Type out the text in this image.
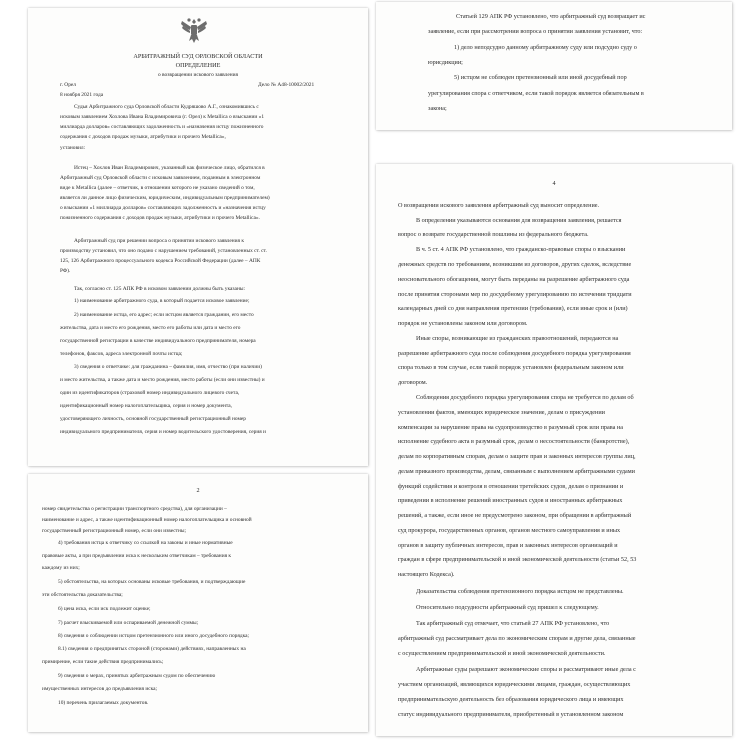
АРБИТРАЖНЫЙ СУД ОРЛОВСКОЙ ОБЛАСТИ
ОПРЕДЕЛЕНИЕ
о возвращении искового заявления
г. Орел	Дело № А48-10002/2021
8 ноября 2021 года
Судья Арбитражного суда Орловской области Кудряшово А.Г., ознакомившись с
исковым заявлением Хохлова Ивана Владимировича (г. Орел) к Metallica о взыскании «1
миллиарда долларов» составляющих задолженность и «назначения истцу пожизненного
содержания с доходов продаж музыки, атрибутики и прочего Metallica»,
установил:
Истец – Хохлов Иван Владимирович, указанный как физическое лицо, обратился в
Арбитражный суд Орловской области с исковым заявлением, поданным в электронном
виде к Metallica (далее – ответчик, в отношении которого не указано сведений о том,
является ли данное лицо физическим, юридическим, индивидуальным предпринимателем)
о взыскании «1 миллиарда долларов» составляющих задолженность и «назначения истцу
пожизненного содержания с доходов продаж музыки, атрибутики и прочего Metallica».
Арбитражный суд при решении вопроса о принятии искового заявления к
производству установил, что оно подано с нарушением требований, установленных ст. ст.
125, 126 Арбитражного процессуального кодекса Российской Федерации (далее – АПК
РФ).
Так, согласно ст. 125 АПК РФ в исковом заявлении должны быть указаны:
1) наименование арбитражного суда, в который подается исковое заявление;
2) наименование истца, его адрес; если истцом является гражданин, его место
жительства, дата и место его рождения, место его работы или дата и место его
государственной регистрации в качестве индивидуального предпринимателя, номера
телефонов, факсов, адреса электронной почты истца;
3) сведения о ответчике: для гражданина – фамилия, имя, отчество (при наличии)
и место жительства, а также дата и место рождения, место работы (если они известны) и
один из идентификаторов (страховой номер индивидуального лицевого счета,
идентификационный номер налогоплательщика, серия и номер документа,
удостоверяющего личность, основной государственный регистрационный номер
индивидуального предпринимателя, серия и номер водительского удостоверения, серия и
2
номер свидетельства о регистрации транспортного средства), для организации –
наименование и адрес, а также идентификационный номер налогоплательщика и основной
государственный регистрационный номер, если они известны;
4) требования истца к ответчику со ссылкой на законы и иные нормативные
правовые акты, а при предъявлении иска к нескольким ответчикам – требования к
каждому из них;
5) обстоятельства, на которых основаны исковые требования, и подтверждающие
эти обстоятельства доказательства;
6) цена иска, если иск подлежит оценке;
7) расчет взыскиваемой или оспариваемой денежной суммы;
8) сведения о соблюдении истцом претензионного или иного досудебного порядка;
8.1) сведения о предпринятых стороной (сторонами) действиях, направленных на
примирение, если такие действия предпринимались;
9) сведения о мерах, принятых арбитражным судом по обеспечению
имущественных интересов до предъявления иска;
10) перечень прилагаемых документов.
Статьей 129 АПК РФ установлено, что арбитражный суд возвращает ис
заявление, если при рассмотрении вопроса о принятии заявления установит, что:
1) дело неподсудно данному арбитражному суду или подсудно суду о
юрисдикции;
5) истцом не соблюден претензионный или иной досудебный пор
урегулирования спора с ответчиком, если такой порядок является обязательным в
закона;
4
О возвращении искового заявления арбитражный суд выносит определение.
В определении указываются основания для возвращения заявления, решается
вопрос о возврате государственной пошлины из федерального бюджета.
В ч. 5 ст. 4 АПК РФ установлено, что гражданско-правовые споры о взыскании
денежных средств по требованиям, возникшим из договоров, других сделок, вследствие
неосновательного обогащения, могут быть переданы на разрешение арбитражного суда
после принятия сторонами мер по досудебному урегулированию по истечении тридцати
календарных дней со дня направления претензии (требования), если иные срок и (или)
порядок не установлены законом или договором.
Иные споры, возникающие из гражданских правоотношений, передаются на
разрешение арбитражного суда после соблюдения досудебного порядка урегулирования
спора только в том случае, если такой порядок установлен федеральным законом или
договором.
Соблюдения досудебного порядка урегулирования спора не требуется по делам об
установлении фактов, имеющих юридическое значение, делам о присуждении
компенсации за нарушение права на судопроизводство в разумный срок или права на
исполнение судебного акта в разумный срок, делам о несостоятельности (банкротстве),
делам по корпоративным спорам, делам о защите прав и законных интересов группы лиц,
делам приказного производства, делам, связанным с выполнением арбитражными судами
функций содействия и контроля в отношении третейских судов, делам о признании и
приведении в исполнение решений иностранных судов и иностранных арбитражных
решений, а также, если иное не предусмотрено законом, при обращении в арбитражный
суд прокурора, государственных органов, органов местного самоуправления и иных
органов в защиту публичных интересов, прав и законных интересов организаций и
граждан в сфере предпринимательской и иной экономической деятельности (статьи 52, 53
настоящего Кодекса).
Доказательства соблюдения претензионного порядка истцом не представлены.
Относительно подсудности арбитражный суд пришел к следующему.
Так арбитражный суд отмечает, что статьей 27 АПК РФ установлено, что
арбитражный суд рассматривает дела по экономическим спорам и другие дела, связанные
с осуществлением предпринимательской и иной экономической деятельности.
Арбитражные суды разрешают экономические споры и рассматривают иные дела с
участием организаций, являющихся юридическими лицами, граждан, осуществляющих
предпринимательскую деятельность без образования юридического лица и имеющих
статус индивидуального предпринимателя, приобретенный в установленном законом
